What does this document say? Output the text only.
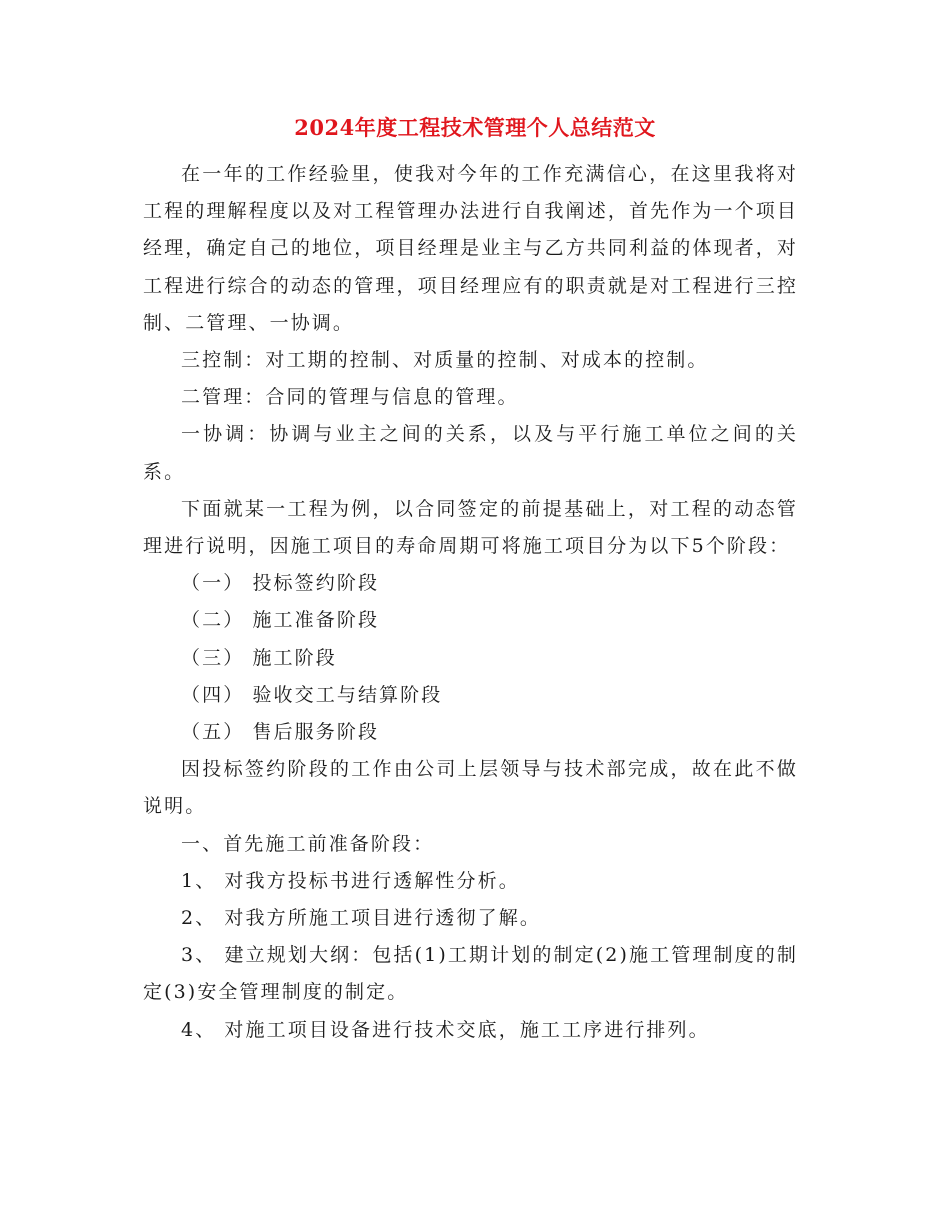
2024年度工程技术管理个人总结范文

在一年的工作经验里，使我对今年的工作充满信心，在这里我将对工程的理解程度以及对工程管理办法进行自我阐述，首先作为一个项目经理，确定自己的地位，项目经理是业主与乙方共同利益的体现者，对工程进行综合的动态的管理，项目经理应有的职责就是对工程进行三控制、二管理、一协调。

三控制：对工期的控制、对质量的控制、对成本的控制。

二管理：合同的管理与信息的管理。

一协调：协调与业主之间的关系，以及与平行施工单位之间的关系。

下面就某一工程为例，以合同签定的前提基础上，对工程的动态管理进行说明，因施工项目的寿命周期可将施工项目分为以下5个阶段：

（一） 投标签约阶段

（二） 施工准备阶段

（三） 施工阶段

（四） 验收交工与结算阶段

（五） 售后服务阶段

因投标签约阶段的工作由公司上层领导与技术部完成，故在此不做说明。

一、首先施工前准备阶段：

1、 对我方投标书进行透解性分析。

2、 对我方所施工项目进行透彻了解。

3、 建立规划大纲：包括(1)工期计划的制定(2)施工管理制度的制定(3)安全管理制度的制定。

4、 对施工项目设备进行技术交底，施工工序进行排列。
